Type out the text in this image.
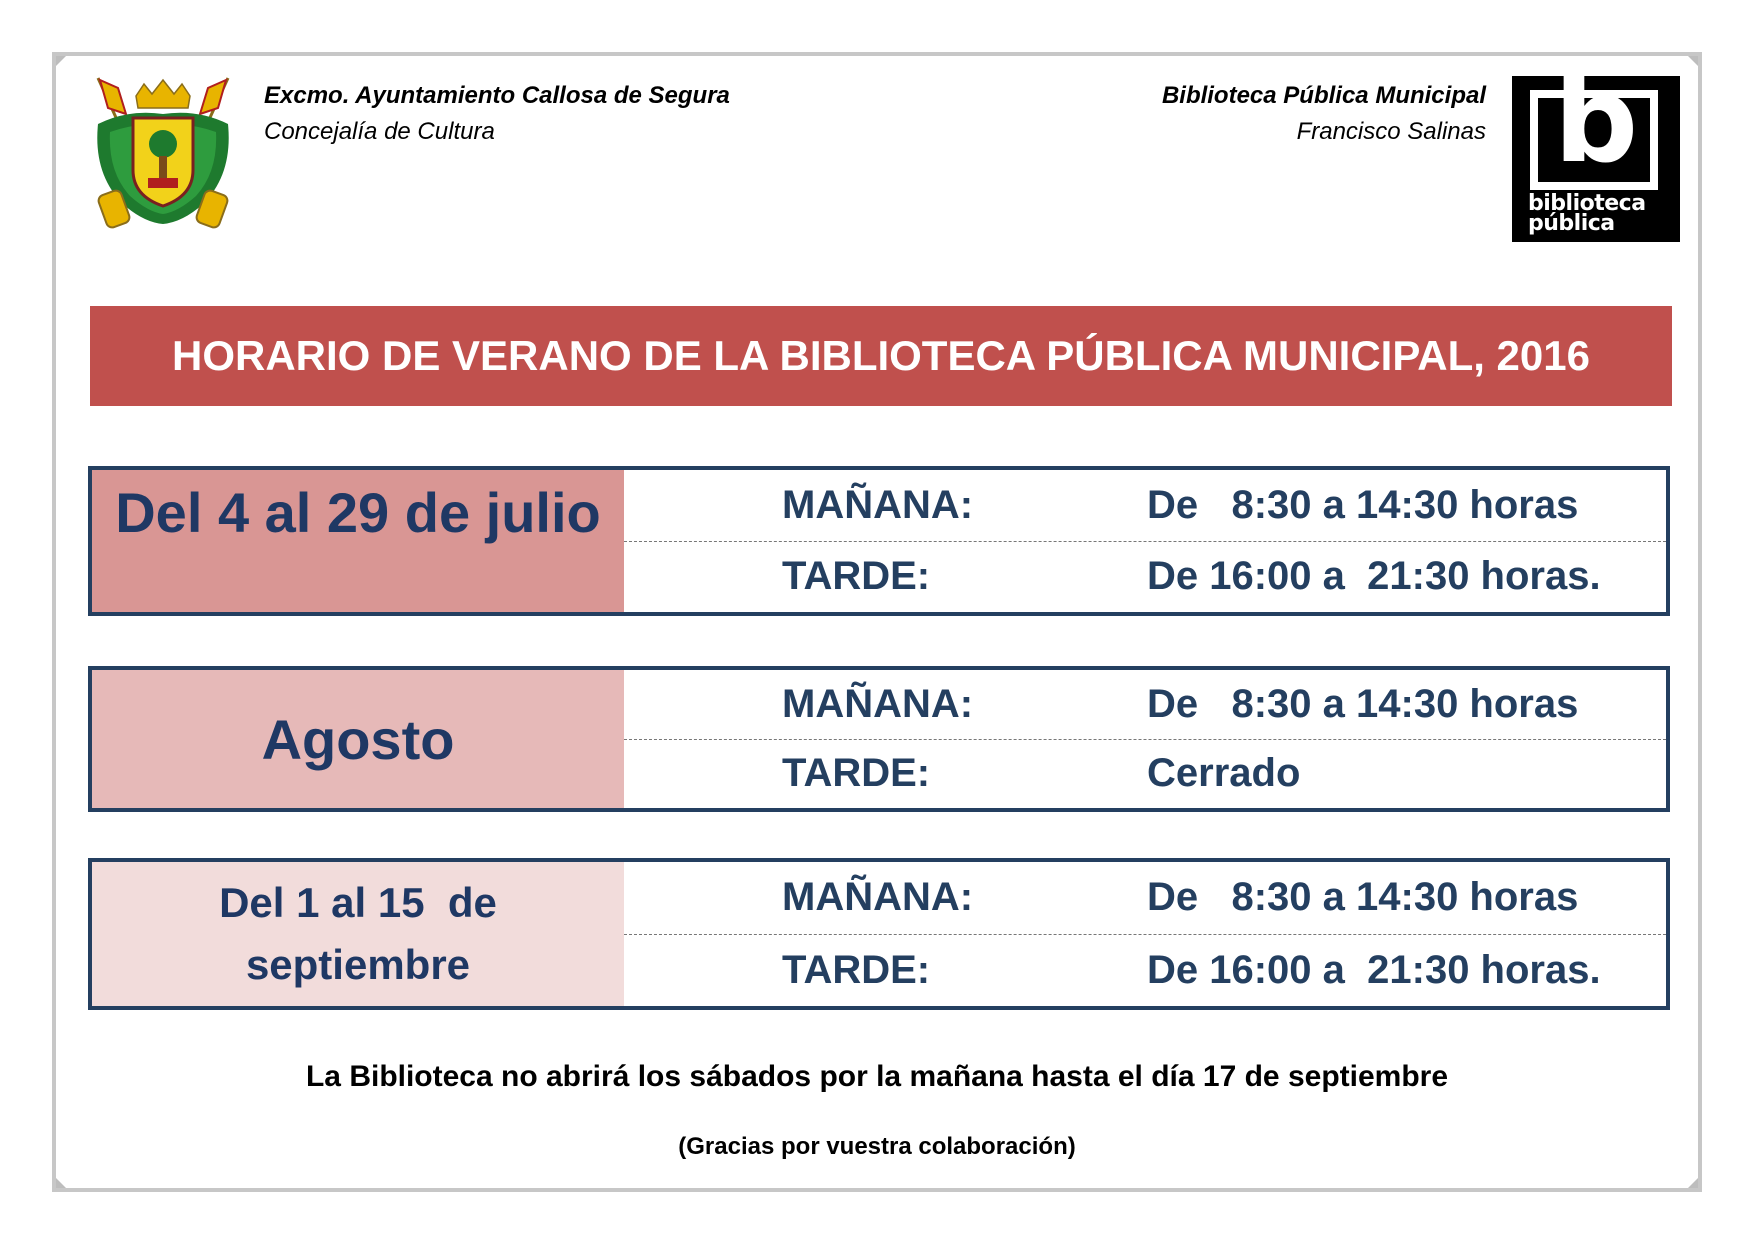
Excmo. Ayuntamiento Callosa de Segura
Concejalía de Cultura
Biblioteca Pública Municipal
Francisco Salinas b
biblioteca
pública
HORARIO DE VERANO DE LA BIBLIOTECA PÚBLICA MUNICIPAL, 2016
Del 4 al 29 de julio	MAÑANA:	De   8:30 a 14:30 horas
TARDE:	De 16:00 a  21:30 horas.
Agosto
MAÑANA:	De   8:30 a 14:30 horas
TARDE:	Cerrado
Del 1 al 15  de
septiembre
MAÑANA:	De   8:30 a 14:30 horas
TARDE:	De 16:00 a  21:30 horas.
La Biblioteca no abrirá los sábados por la mañana hasta el día 17 de septiembre
(Gracias por vuestra colaboración)
